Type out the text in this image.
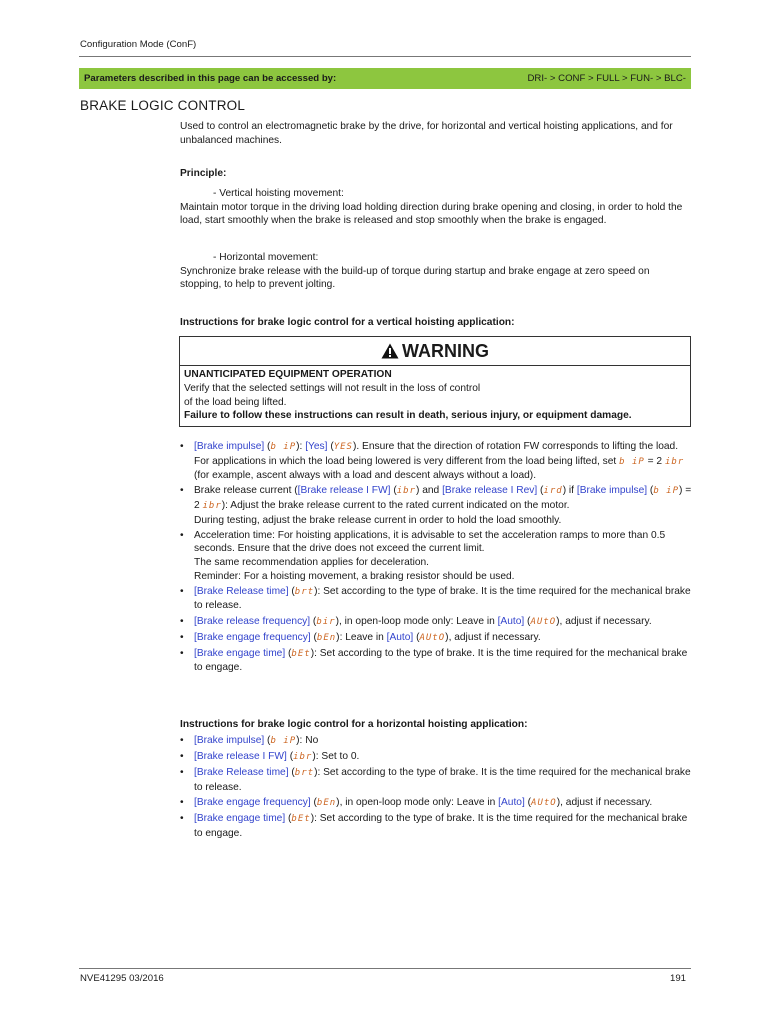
Configuration Mode (ConF)
Parameters described in this page can be accessed by:	DRI- > CONF > FULL > FUN- > BLC-
BRAKE LOGIC CONTROL

Used to control an electromagnetic brake by the drive, for horizontal and vertical hoisting applications, and for unbalanced machines.

Principle:

- Vertical hoisting movement:
Maintain motor torque in the driving load holding direction during brake opening and closing, in order to hold the load, start smoothly when the brake is released and stop smoothly when the brake is engaged.

- Horizontal movement:
Synchronize brake release with the build-up of torque during startup and brake engage at zero speed on stopping, to help to prevent jolting.

Instructions for brake logic control for a vertical hoisting application:

WARNING
UNANTICIPATED EQUIPMENT OPERATION
Verify that the selected settings will not result in the loss of control
of the load being lifted.
Failure to follow these instructions can result in death, serious injury, or equipment damage.
• [Brake impulse] (b iP): [Yes] (YES). Ensure that the direction of rotation FW corresponds to lifting the load.
For applications in which the load being lowered is very different from the load being lifted, set b iP = 2 ibr (for example, ascent always with a load and descent always without a load).
• Brake release current ([Brake release I FW] (ibr) and [Brake release I Rev] (ird) if [Brake impulse] (b iP) = 2 ibr): Adjust the brake release current to the rated current indicated on the motor.
During testing, adjust the brake release current in order to hold the load smoothly.
• Acceleration time: For hoisting applications, it is advisable to set the acceleration ramps to more than 0.5 seconds. Ensure that the drive does not exceed the current limit.
The same recommendation applies for deceleration.
Reminder: For a hoisting movement, a braking resistor should be used.
• [Brake Release time] (brt): Set according to the type of brake. It is the time required for the mechanical brake to release.
• [Brake release frequency] (bir), in open-loop mode only: Leave in [Auto] (AUtO), adjust if necessary.
• [Brake engage frequency] (bEn): Leave in [Auto] (AUtO), adjust if necessary.
• [Brake engage time] (bEt): Set according to the type of brake. It is the time required for the mechanical brake to engage.

Instructions for brake logic control for a horizontal hoisting application:

• [Brake impulse] (b iP): No
• [Brake release I FW] (ibr): Set to 0.
• [Brake Release time] (brt): Set according to the type of brake. It is the time required for the mechanical brake to release.
• [Brake engage frequency] (bEn), in open-loop mode only: Leave in [Auto] (AUtO), adjust if necessary.
• [Brake engage time] (bEt): Set according to the type of brake. It is the time required for the mechanical brake to engage.
NVE41295 03/2016	191
